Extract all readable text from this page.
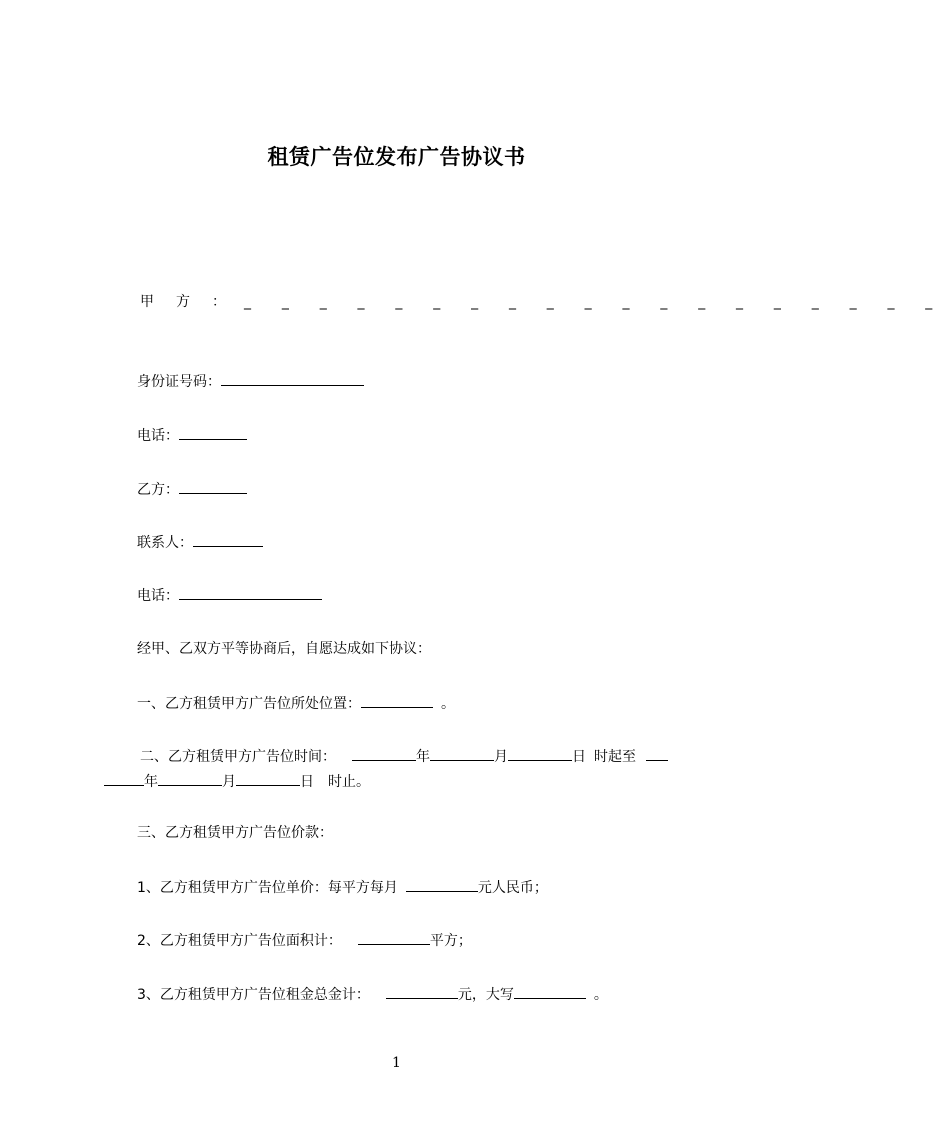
租赁广告位发布广告协议书
甲 方 ： _ _ _ _ _ _ _ _ _ _ _ _ _ _ _ _ _ _ _
身份证号码：
电话：
乙方：
联系人：
电话：
经甲、乙双方平等协商后，自愿达成如下协议：
一、乙方租赁甲方广告位所处位置：	。
二、乙方租赁甲方广告位时间：	年	月	日 时起至
年	月	日 时止。
三、乙方租赁甲方广告位价款：
1、乙方租赁甲方广告位单价：每平方每月	元人民币；
2、乙方租赁甲方广告位面积计：	平方；
3、乙方租赁甲方广告位租金总金计：	元，大写	。
1
